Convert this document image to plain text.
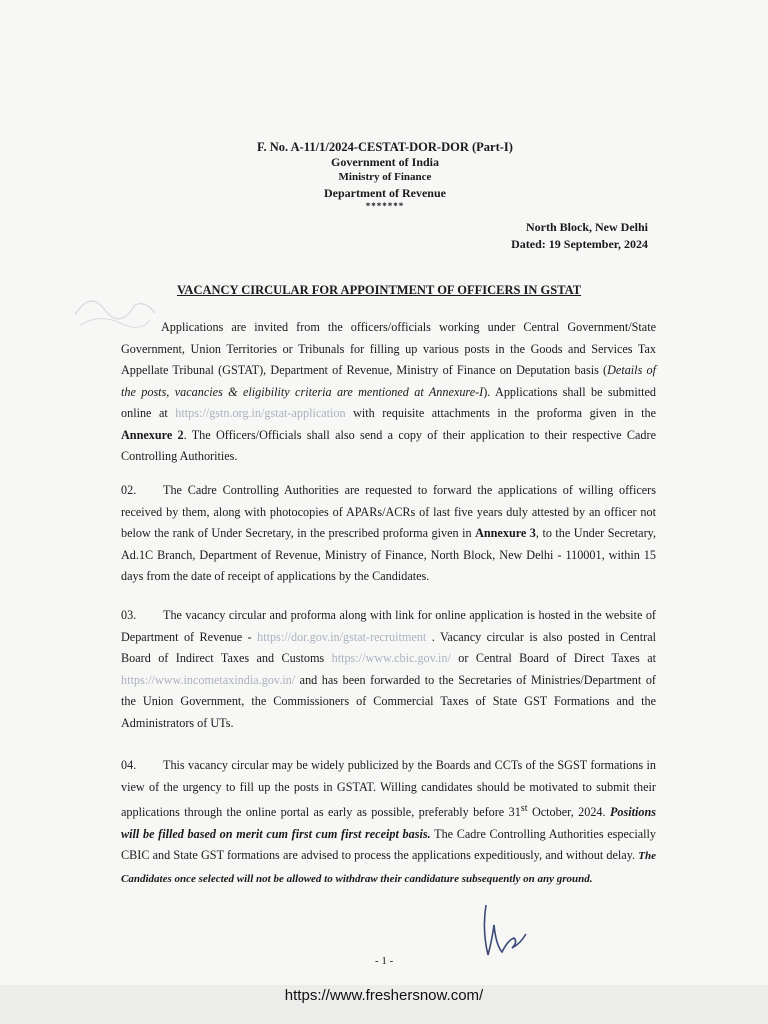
F. No. A-11/1/2024-CESTAT-DOR-DOR (Part-I)
Government of India
Ministry of Finance
Department of Revenue
*******
North Block, New Delhi
Dated: 19 September, 2024
VACANCY CIRCULAR FOR APPOINTMENT OF OFFICERS IN GSTAT
Applications are invited from the officers/officials working under Central Government/State Government, Union Territories or Tribunals for filling up various posts in the Goods and Services Tax Appellate Tribunal (GSTAT), Department of Revenue, Ministry of Finance on Deputation basis (Details of the posts, vacancies & eligibility criteria are mentioned at Annexure-I). Applications shall be submitted online at https://gstn.org.in/gstat-application with requisite attachments in the proforma given in the Annexure 2. The Officers/Officials shall also send a copy of their application to their respective Cadre Controlling Authorities.
02. The Cadre Controlling Authorities are requested to forward the applications of willing officers received by them, along with photocopies of APARs/ACRs of last five years duly attested by an officer not below the rank of Under Secretary, in the prescribed proforma given in Annexure 3, to the Under Secretary, Ad.1C Branch, Department of Revenue, Ministry of Finance, North Block, New Delhi - 110001, within 15 days from the date of receipt of applications by the Candidates.
03. The vacancy circular and proforma along with link for online application is hosted in the website of Department of Revenue - https://dor.gov.in/gstat-recruitment . Vacancy circular is also posted in Central Board of Indirect Taxes and Customs https://www.cbic.gov.in/ or Central Board of Direct Taxes at https://www.incometaxindia.gov.in/ and has been forwarded to the Secretaries of Ministries/Department of the Union Government, the Commissioners of Commercial Taxes of State GST Formations and the Administrators of UTs.
04. This vacancy circular may be widely publicized by the Boards and CCTs of the SGST formations in view of the urgency to fill up the posts in GSTAT. Willing candidates should be motivated to submit their applications through the online portal as early as possible, preferably before 31st October, 2024. Positions will be filled based on merit cum first cum first receipt basis. The Cadre Controlling Authorities especially CBIC and State GST formations are advised to process the applications expeditiously, and without delay. The Candidates once selected will not be allowed to withdraw their candidature subsequently on any ground.
- 1 -
https://www.freshersnow.com/
